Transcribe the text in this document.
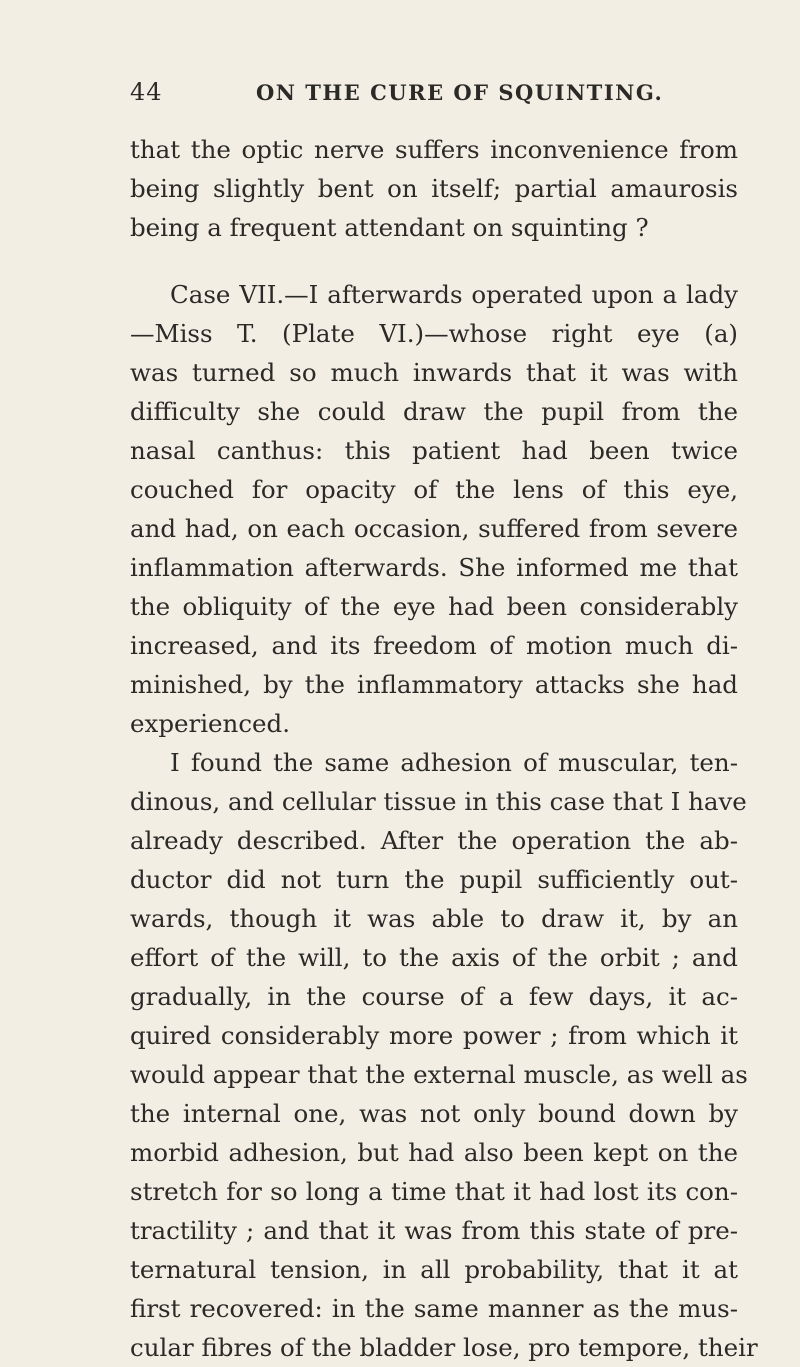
44	ON THE CURE OF SQUINTING.
that the optic nerve suffers inconvenience from
being slightly bent on itself; partial amaurosis
being a frequent attendant on squinting ?
Case VII.—I afterwards operated upon a lady
—Miss T. (Plate VI.)—whose right eye (a)
was turned so much inwards that it was with
difficulty she could draw the pupil from the
nasal canthus: this patient had been twice
couched for opacity of the lens of this eye,
and had, on each occasion, suffered from severe
inflammation afterwards. She informed me that
the obliquity of the eye had been considerably
increased, and its freedom of motion much di-
minished, by the inflammatory attacks she had
experienced.
I found the same adhesion of muscular, ten-
dinous, and cellular tissue in this case that I have
already described. After the operation the ab-
ductor did not turn the pupil sufficiently out-
wards, though it was able to draw it, by an
effort of the will, to the axis of the orbit ; and
gradually, in the course of a few days, it ac-
quired considerably more power ; from which it
would appear that the external muscle, as well as
the internal one, was not only bound down by
morbid adhesion, but had also been kept on the
stretch for so long a time that it had lost its con-
tractility ; and that it was from this state of pre-
ternatural tension, in all probability, that it at
first recovered: in the same manner as the mus-
cular fibres of the bladder lose, pro tempore, their
